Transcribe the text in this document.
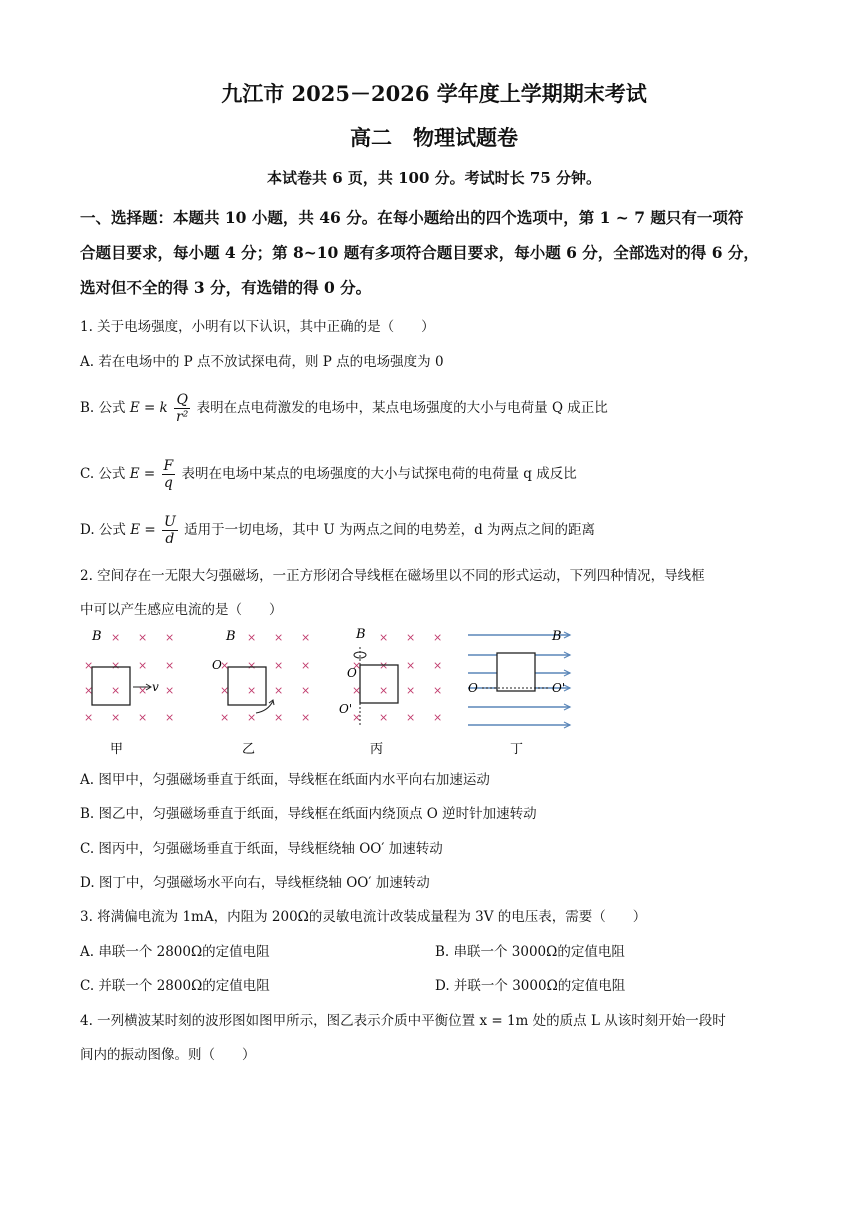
九江市 2025－2026 学年度上学期期末考试
高二　物理试题卷
本试卷共 6 页，共 100 分。考试时长 75 分钟。
一、选择题：本题共 10 小题，共 46 分。在每小题给出的四个选项中，第 1 ~ 7 题只有一项符
合题目要求，每小题 4 分；第 8~10 题有多项符合题目要求，每小题 6 分，全部选对的得 6 分，
选对但不全的得 3 分，有选错的得 0 分。
1. 关于电场强度，小明有以下认识，其中正确的是（　　）
A. 若在电场中的 P 点不放试探电荷，则 P 点的电场强度为 0
B. 公式 E = k $\frac{Q}{\text{r²}}$ 表明在点电荷激发的电场中，某点电场强度的大小与电荷量 Q 成正比
C. 公式 $E = \frac{F}{q}$ 表明在电场中某点的电场强度的大小与试探电荷的电荷量 q 成反比
D. 公式 $E = \frac{U}{d}$ 适用于一切电场，其中 U 为两点之间的电势差，d 为两点之间的距离
2. 空间存在一无限大匀强磁场，一正方形闭合导线框在磁场里以不同的形式运动，下列四种情况，导线框
中可以产生感应电流的是（　　）
× × ×
× × × ×
× × × ×
× × × ×
× × ×
× × × ×
× × × ×
× × × ×
× × ×
× × × ×
× × × ×
× × × ×
v
B
O
B
O
O'
B
O	O'
B
甲	乙	丙	丁
A. 图甲中，匀强磁场垂直于纸面，导线框在纸面内水平向右加速运动
B. 图乙中，匀强磁场垂直于纸面，导线框在纸面内绕顶点 O 逆时针加速转动
C. 图丙中，匀强磁场垂直于纸面，导线框绕轴 OO′ 加速转动
D. 图丁中，匀强磁场水平向右，导线框绕轴 OO′ 加速转动
3. 将满偏电流为 1mA，内阻为 200Ω的灵敏电流计改装成量程为 3V 的电压表，需要（　　）
A. 串联一个 2800Ω的定值电阻	B. 串联一个 3000Ω的定值电阻
C. 并联一个 2800Ω的定值电阻	D. 并联一个 3000Ω的定值电阻
4. 一列横波某时刻的波形图如图甲所示，图乙表示介质中平衡位置 x = 1m 处的质点 L 从该时刻开始一段时
间内的振动图像。则（　　）
